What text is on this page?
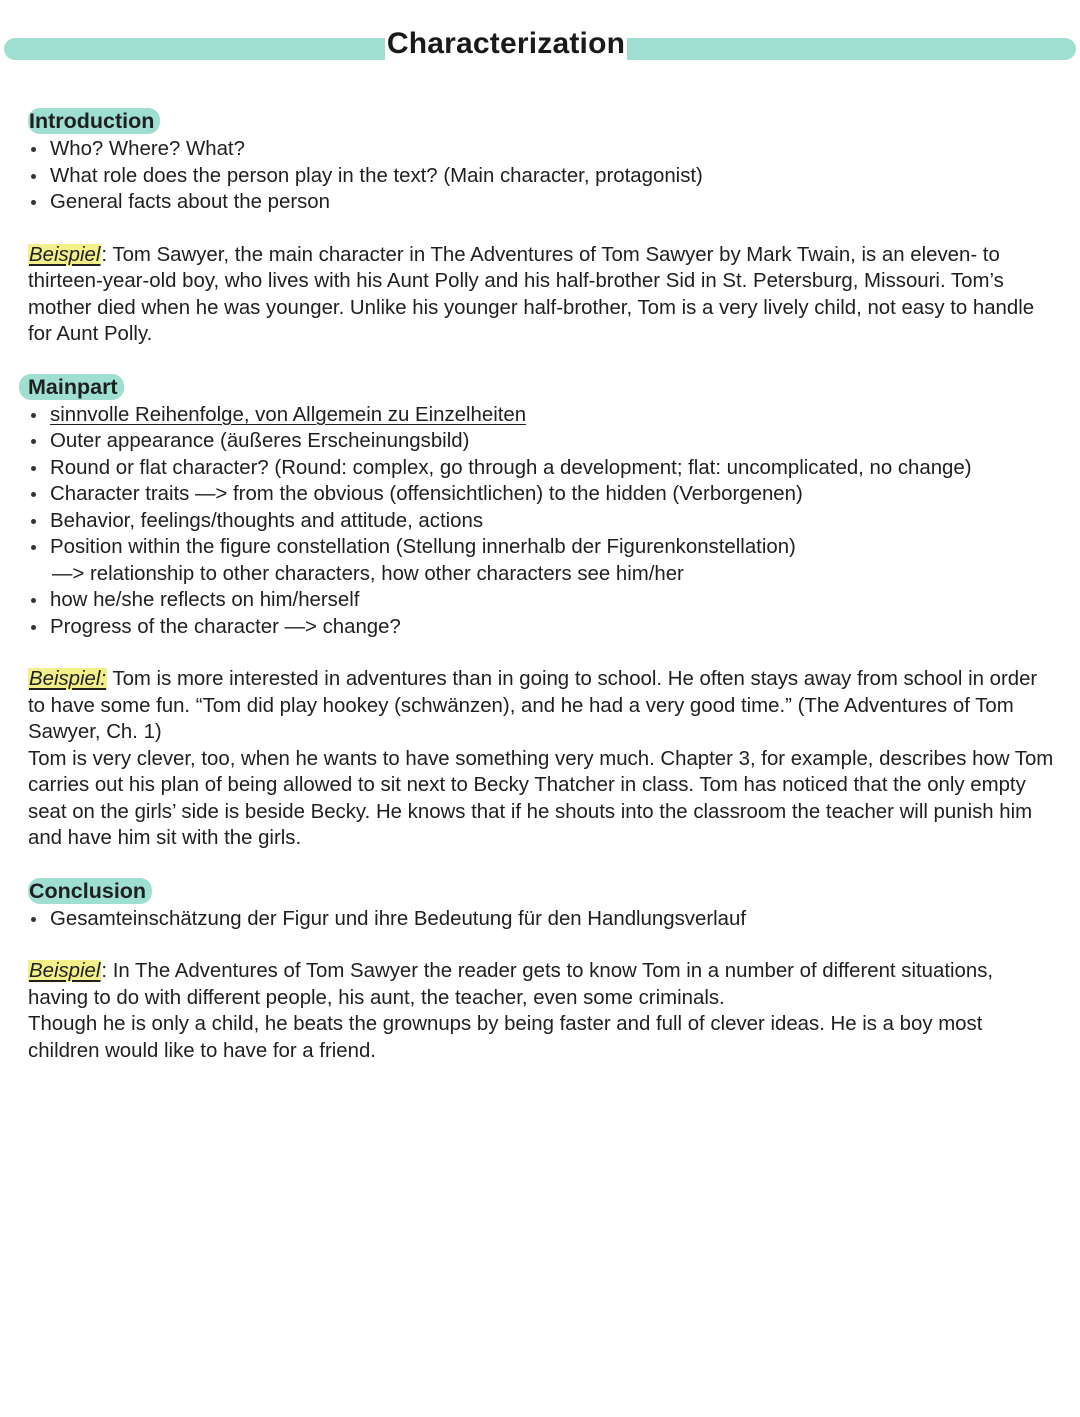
Characterization
Introduction
Who? Where? What?
What role does the person play in the text? (Main character, protagonist)
General facts about the person

Beispiel: Tom Sawyer, the main character in The Adventures of Tom Sawyer by Mark Twain, is an eleven- to thirteen-year-old boy, who lives with his Aunt Polly and his half-brother Sid in St. Petersburg, Missouri. Tom’s mother died when he was younger. Unlike his younger half-brother, Tom is a very lively child, not easy to handle for Aunt Polly.

Mainpart
sinnvolle Reihenfolge, von Allgemein zu Einzelheiten
Outer appearance (äußeres Erscheinungsbild)
Round or flat character? (Round: complex, go through a development; flat: uncomplicated, no change)
Character traits —> from the obvious (offensichtlichen) to the hidden (Verborgenen)
Behavior, feelings/thoughts and attitude, actions
Position within the figure constellation (Stellung innerhalb der Figurenkonstellation)
—> relationship to other characters, how other characters see him/her
how he/she reflects on him/herself
Progress of the character —> change?

Beispiel: Tom is more interested in adventures than in going to school. He often stays away from school in order to have some fun. “Tom did play hookey (schwänzen), and he had a very good time.” (The Adventures of Tom Sawyer, Ch. 1)

Tom is very clever, too, when he wants to have something very much. Chapter 3, for example, describes how Tom carries out his plan of being allowed to sit next to Becky Thatcher in class. Tom has noticed that the only empty seat on the girls’ side is beside Becky. He knows that if he shouts into the classroom the teacher will punish him and have him sit with the girls.

Conclusion
Gesamteinschätzung der Figur und ihre Bedeutung für den Handlungsverlauf

Beispiel: In The Adventures of Tom Sawyer the reader gets to know Tom in a number of different situations, having to do with different people, his aunt, the teacher, even some criminals.

Though he is only a child, he beats the grownups by being faster and full of clever ideas. He is a boy most children would like to have for a friend.
